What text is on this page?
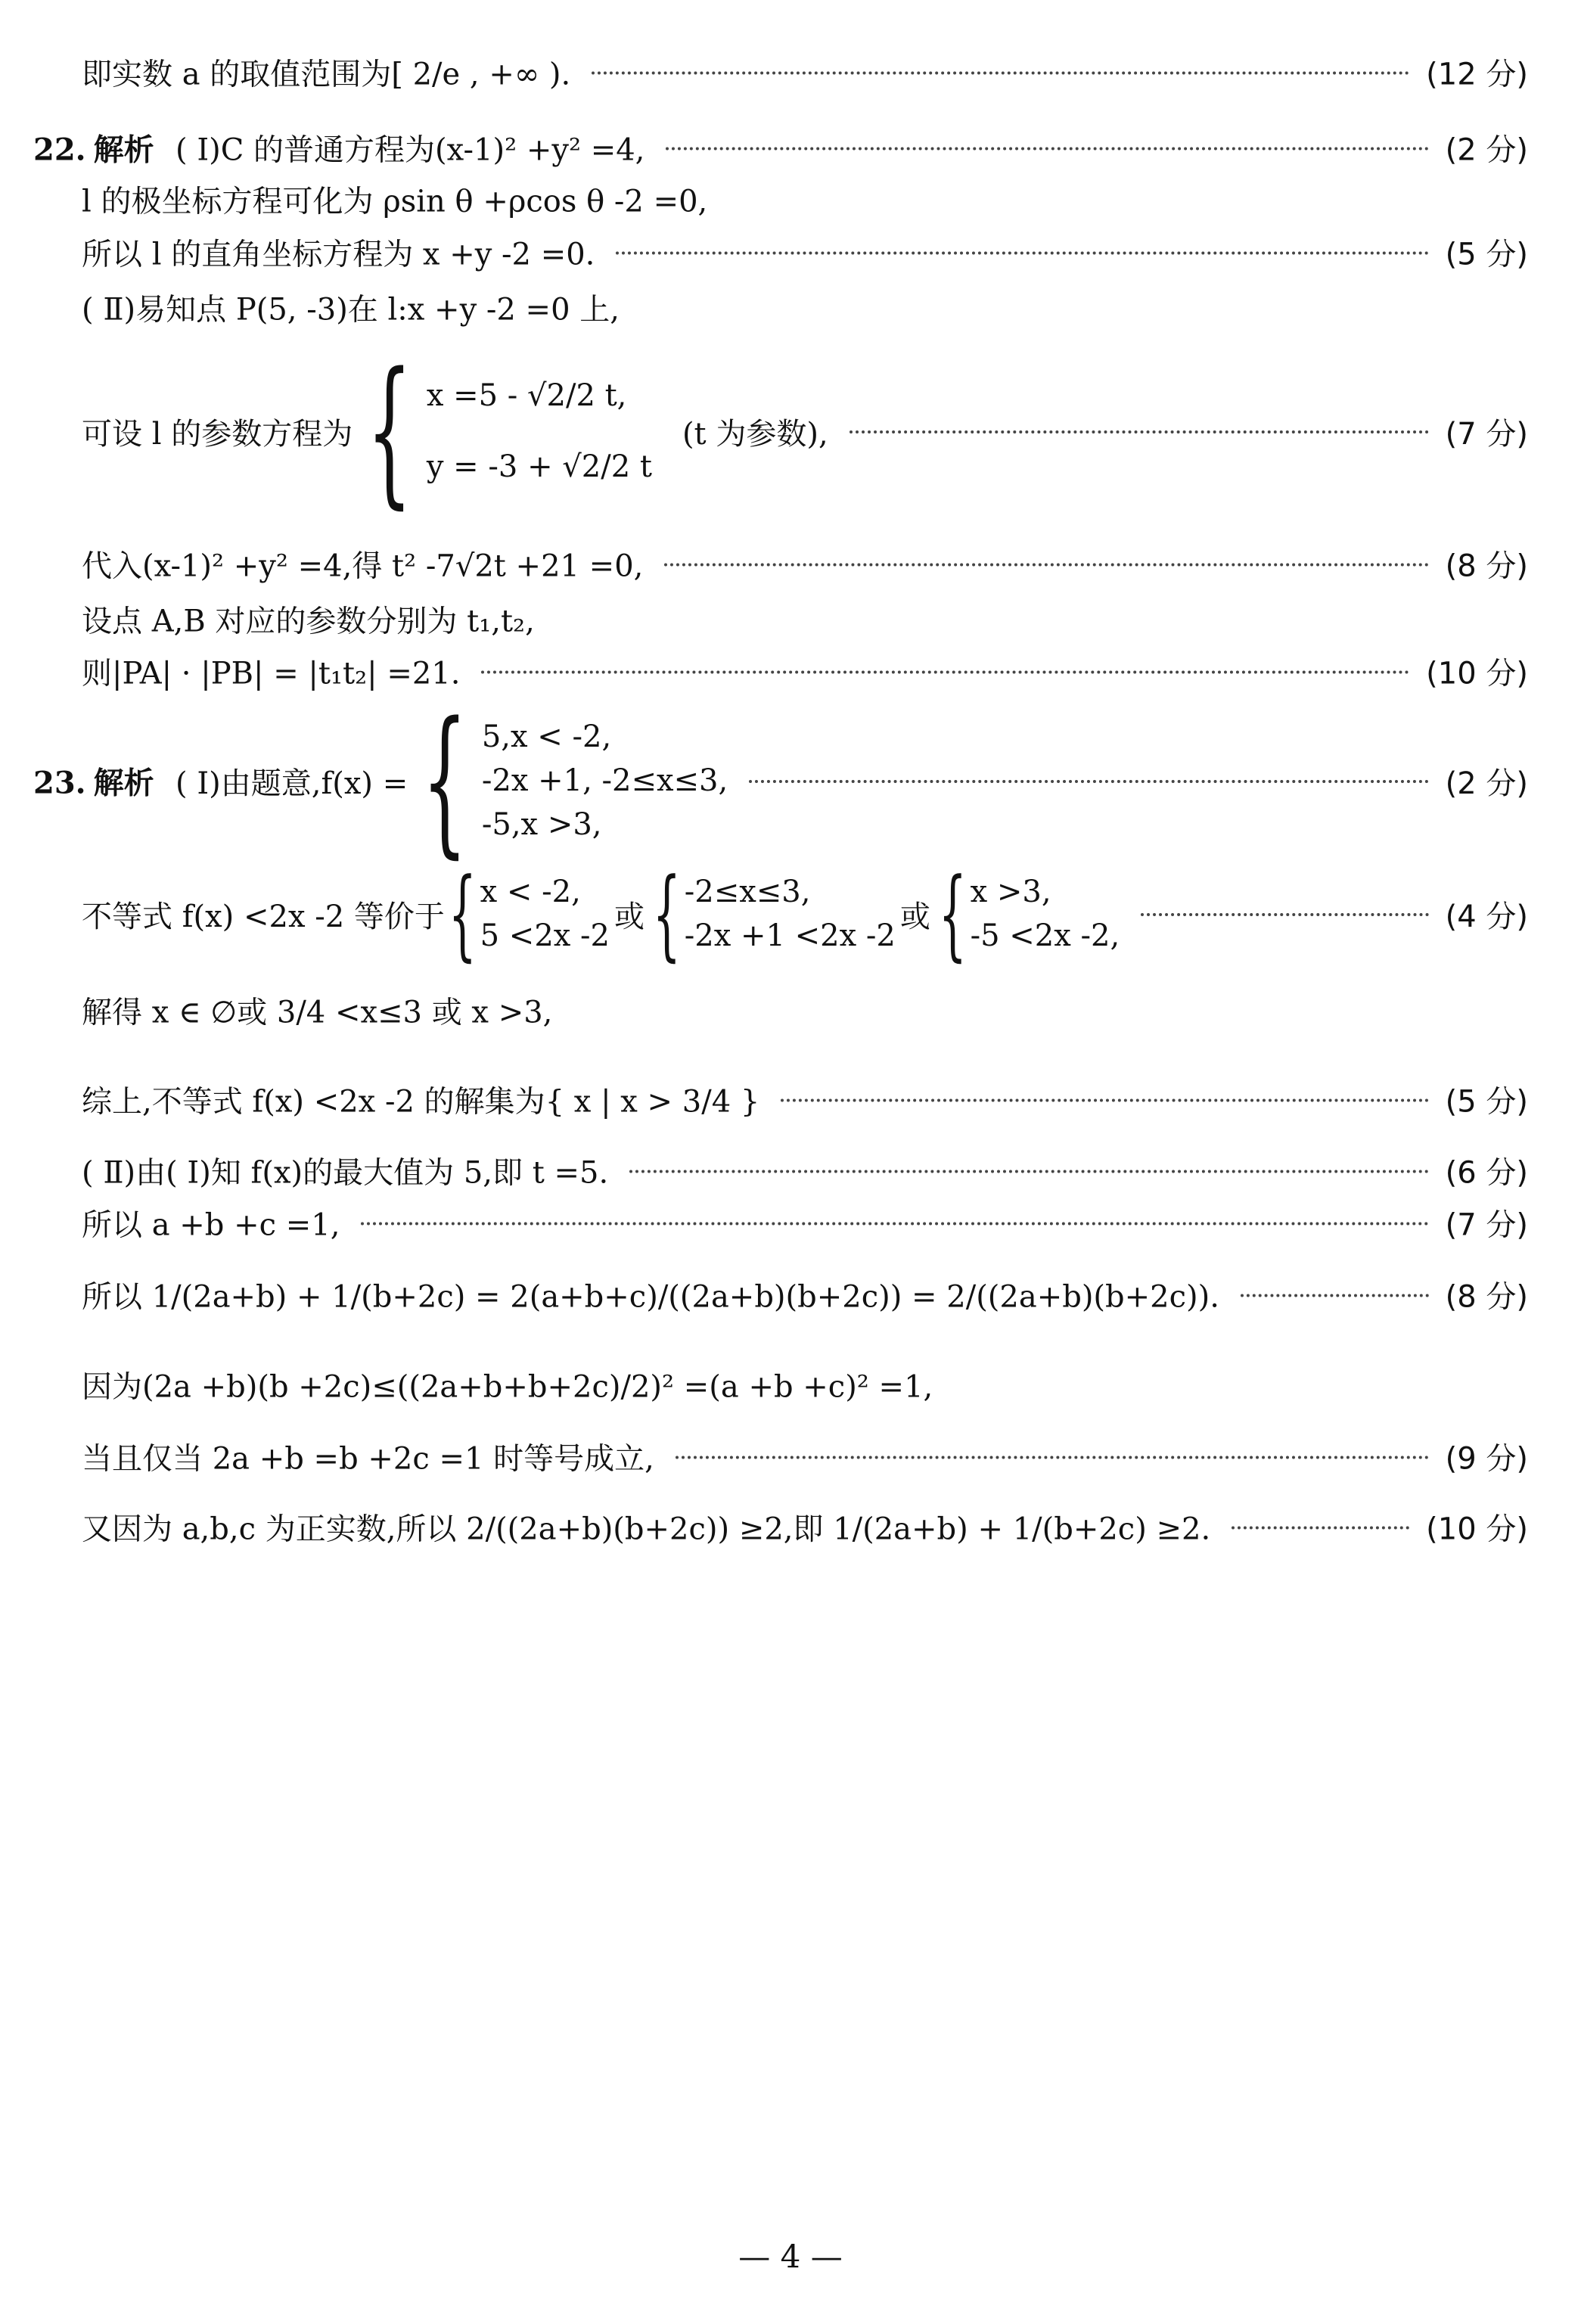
即实数 a 的取值范围为[ 2/e , +∞ ).	(12 分)
22. 解析 ( Ⅰ)C 的普通方程为(x-1)² +y² =4,	(2 分)
l 的极坐标方程可化为 ρsin θ +ρcos θ -2 =0,
所以 l 的直角坐标方程为 x +y -2 =0.	(5 分)
( Ⅱ)易知点 P(5, -3)在 l:x +y -2 =0 上,
可设 l 的参数方程为 { x =5 - √2/2 t,
y = -3 + √2/2 t
(t 为参数),	(7 分)
代入(x-1)² +y² =4,得 t² -7√2t +21 =0,	(8 分)
设点 A,B 对应的参数分别为 t₁,t₂,
则|PA| · |PB| = |t₁t₂| =21.	(10 分)
23. 解析 ( Ⅰ)由题意,f(x) = { 5,x < -2,
-2x +1, -2≤x≤3,
-5,x >3,
(2 分)
不等式 f(x) <2x -2 等价于 { x < -2,
5 <2x -2
或 { -2≤x≤3,
-2x +1 <2x -2
或 { x >3,
-5 <2x -2,
(4 分)
解得 x ∈ ∅或 3/4 <x≤3 或 x >3,
综上,不等式 f(x) <2x -2 的解集为{ x | x > 3/4 }	(5 分)
( Ⅱ)由( Ⅰ)知 f(x)的最大值为 5,即 t =5.	(6 分)
所以 a +b +c =1,	(7 分)
所以 1/(2a+b) + 1/(b+2c) = 2(a+b+c)/((2a+b)(b+2c)) = 2/((2a+b)(b+2c)).	(8 分)
因为(2a +b)(b +2c)≤((2a+b+b+2c)/2)² =(a +b +c)² =1,
当且仅当 2a +b =b +2c =1 时等号成立,	(9 分)
又因为 a,b,c 为正实数,所以 2/((2a+b)(b+2c)) ≥2,即 1/(2a+b) + 1/(b+2c) ≥2.	(10 分)
— 4 —
